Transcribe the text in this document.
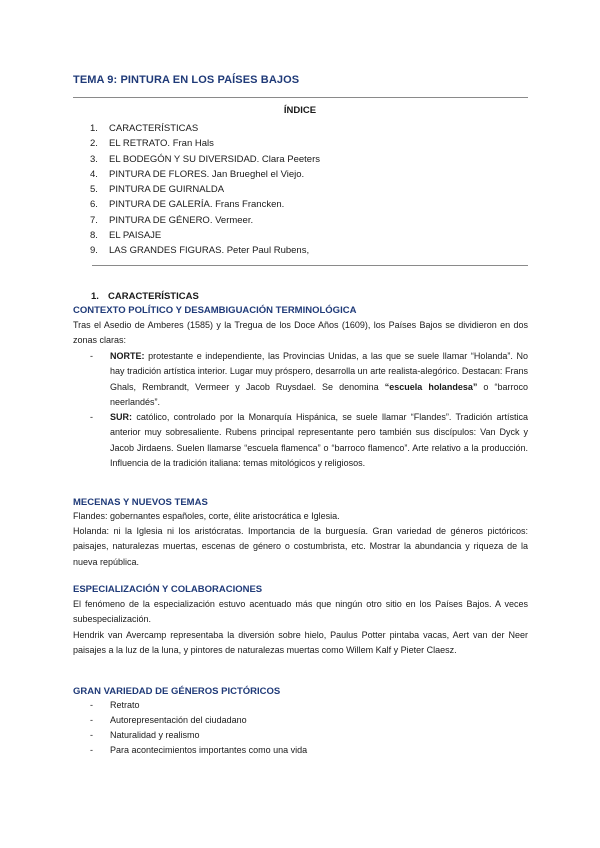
TEMA 9: PINTURA EN LOS PAÍSES BAJOS
ÍNDICE
1. CARACTERÍSTICAS
2. EL RETRATO. Fran Hals
3. EL BODEGÓN Y SU DIVERSIDAD. Clara Peeters
4. PINTURA DE FLORES. Jan Brueghel el Viejo.
5. PINTURA DE GUIRNALDA
6. PINTURA DE GALERÍA. Frans Francken.
7. PINTURA DE GÉNERO. Vermeer.
8. EL PAISAJE
9. LAS GRANDES FIGURAS. Peter Paul Rubens,
1. CARACTERÍSTICAS
CONTEXTO POLÍTICO Y DESAMBIGUACIÓN TERMINOLÓGICA

Tras el Asedio de Amberes (1585) y la Tregua de los Doce Años (1609), los Países Bajos se dividieron en dos zonas claras:

- NORTE: protestante e independiente, las Provincias Unidas, a las que se suele llamar “Holanda”. No hay tradición artística interior. Lugar muy próspero, desarrolla un arte realista-alegórico. Destacan: Frans Ghals, Rembrandt, Vermeer y Jacob Ruysdael. Se denomina “escuela holandesa” o “barroco neerlandés”.
- SUR: católico, controlado por la Monarquía Hispánica, se suele llamar “Flandes”. Tradición artística anterior muy sobresaliente. Rubens principal representante pero también sus discípulos: Van Dyck y Jacob Jirdaens. Suelen llamarse “escuela flamenca” o “barroco flamenco”. Arte relativo a la producción. Influencia de la tradición italiana: temas mitológicos y religiosos.
MECENAS Y NUEVOS TEMAS

Flandes: gobernantes españoles, corte, élite aristocrática e Iglesia.

Holanda: ni la Iglesia ni los aristócratas. Importancia de la burguesía. Gran variedad de géneros pictóricos: paisajes, naturalezas muertas, escenas de género o costumbrista, etc. Mostrar la abundancia y riqueza de la nueva república.

ESPECIALIZACIÓN Y COLABORACIONES

El fenómeno de la especialización estuvo acentuado más que ningún otro sitio en los Países Bajos. A veces subespecialización.

Hendrik van Avercamp representaba la diversión sobre hielo, Paulus Potter pintaba vacas, Aert van der Neer paisajes a la luz de la luna, y pintores de naturalezas muertas como Willem Kalf y Pieter Claesz.

GRAN VARIEDAD DE GÉNEROS PICTÓRICOS
- Retrato
- Autorepresentación del ciudadano
- Naturalidad y realismo
- Para acontecimientos importantes como una vida
